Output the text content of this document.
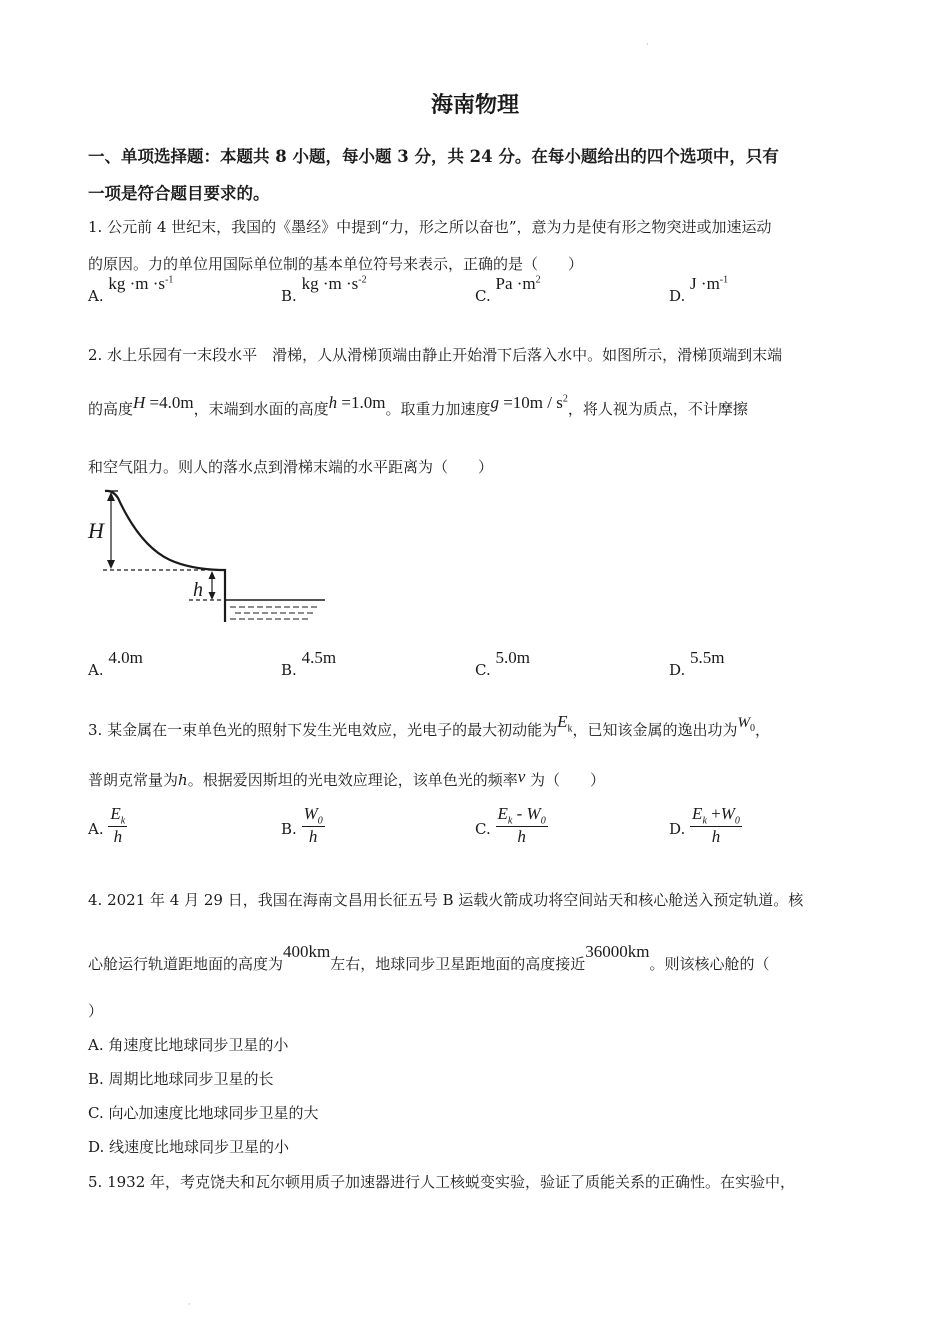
·
海南物理
一、单项选择题：本题共 8 小题，每小题 3 分，共 24 分。在每小题给出的四个选项中，只有
一项是符合题目要求的。
1. 公元前 4 世纪末，我国的《墨经》中提到“力，形之所以奋也”，意为力是使有形之物突进或加速运动
的原因。力的单位用国际单位制的基本单位符号来表示，正确的是（　　）
A. kg $\cdot m \cdot s^{-1}$
B. kg $\cdot m \cdot s^{-2}$
C. $Pa \cdot m^2$
D. $J \cdot m^{-1}$
2. 水上乐园有一末段水平　滑梯，人从滑梯顶端由静止开始滑下后落入水中。如图所示，滑梯顶端到末端
的高度H =4.0m，末端到水面的高度h =1.0m。取重力加速度$g =10m / s^2$，将人视为质点，不计摩擦
和空气阻力。则人的落水点到滑梯末端的水平距离为（　　）
H
h
A. 4.0m
B. 4.5m
C. 5.0m
D. 5.5m
3. 某金属在一束单色光的照射下发生光电效应，光电子的最大初动能为$E_k$，已知该金属的逸出功为$W_0$，
普朗克常量为h。根据爱因斯坦的光电效应理论，该单色光的频率ν 为（　　）
A. $\frac{E_k}{h}$	B. $\frac{W_0}{h}$	C. $\frac{E_k - W_0}{h}$	D. $\frac{E_k +W_0}{h}$
4. 2021 年 4 月 29 日，我国在海南文昌用长征五号 B 运载火箭成功将空间站天和核心舱送入预定轨道。核
心舱运行轨道距地面的高度为400km左右，地球同步卫星距地面的高度接近36000km。则该核心舱的（
）
A. 角速度比地球同步卫星的小
B. 周期比地球同步卫星的长
C. 向心加速度比地球同步卫星的大
D. 线速度比地球同步卫星的小
5. 1932 年，考克饶夫和瓦尔顿用质子加速器进行人工核蜕变实验，验证了质能关系的正确性。在实验中，
·
